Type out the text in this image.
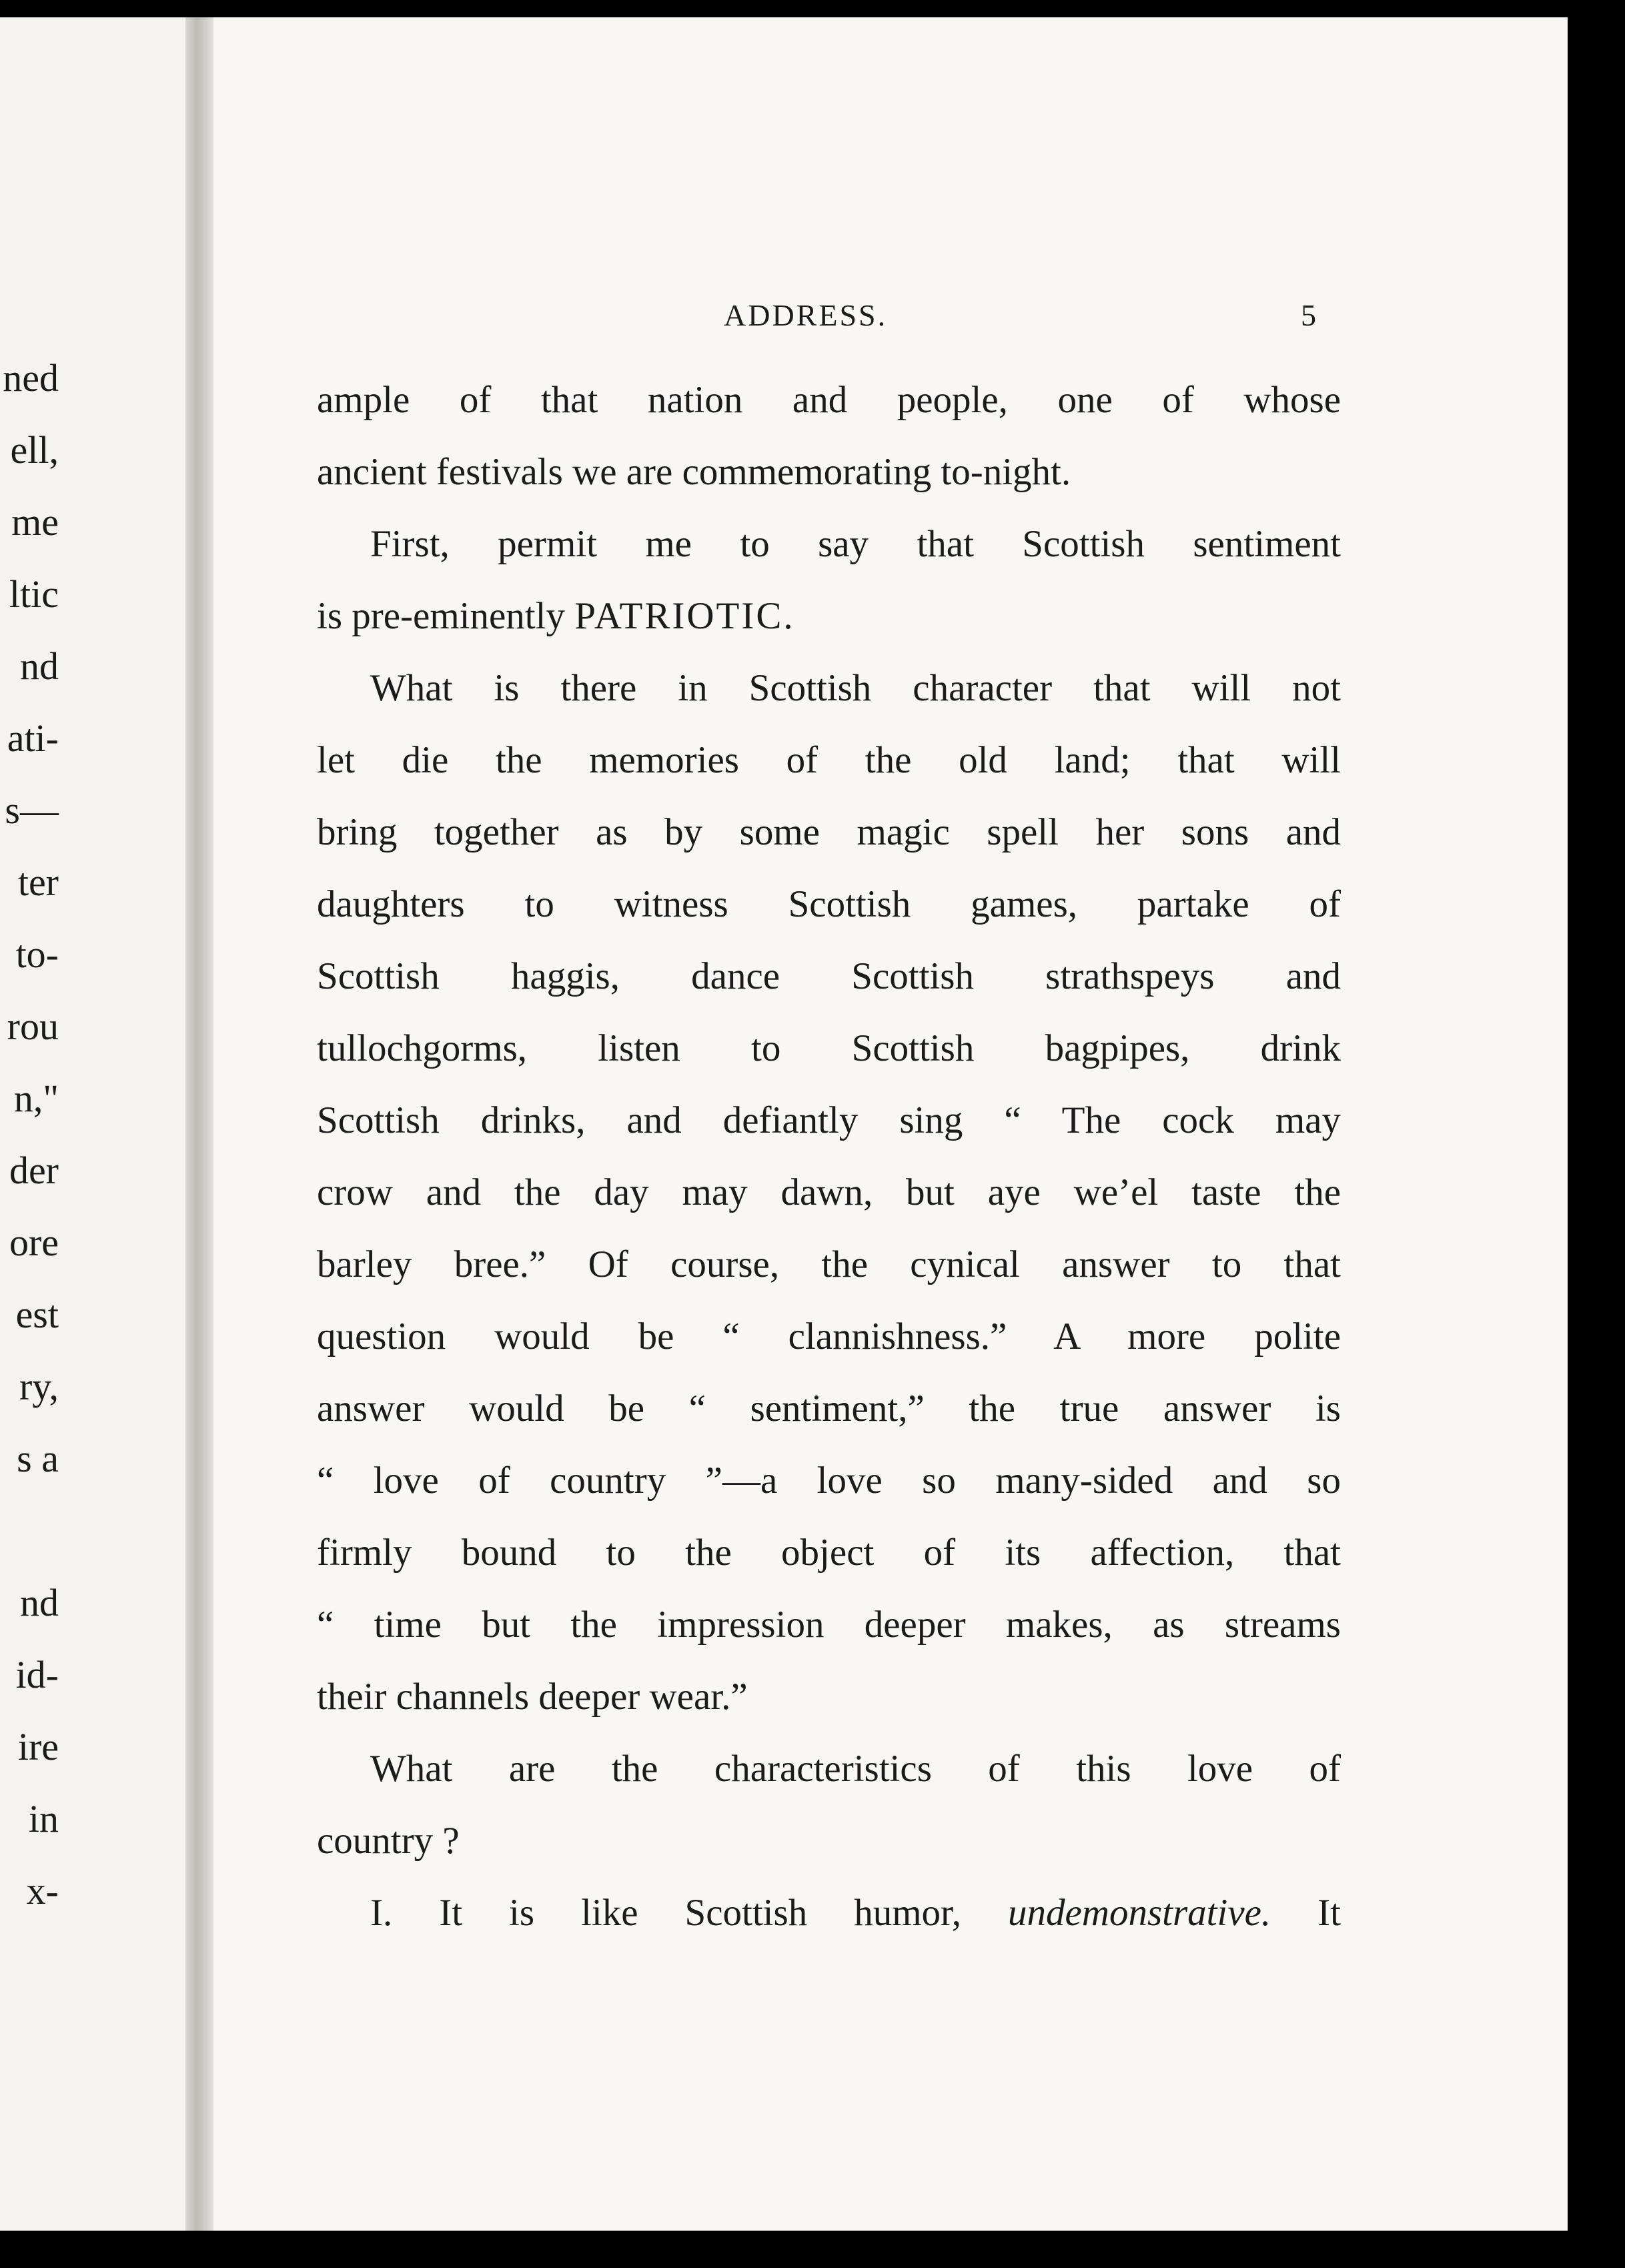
ned
ell,
me
ltic
nd
ati-
s—
ter
to-
rou
n,"
der
ore
est
ry,
s a
nd
id-
ire
in
x-
ADDRESS.	5
ample of that nation and people, one of whose
ancient festivals we are commemorating to-night.
First, permit me to say that Scottish sentiment
is pre-eminently PATRIOTIC.
What is there in Scottish character that will not
let die the memories of the old land; that will
bring together as by some magic spell her sons and
daughters to witness Scottish games, partake of
Scottish haggis, dance Scottish strathspeys and
tullochgorms, listen to Scottish bagpipes, drink
Scottish drinks, and defiantly sing “ The cock may
crow and the day may dawn, but aye we’el taste the
barley bree.” Of course, the cynical answer to that
question would be “ clannishness.” A more polite
answer would be “ sentiment,” the true answer is
“ love of country ”—a love so many-sided and so
firmly bound to the object of its affection, that
“ time but the impression deeper makes, as streams
their channels deeper wear.”
What are the characteristics of this love of
country ?
I. It is like Scottish humor, undemonstrative. It
